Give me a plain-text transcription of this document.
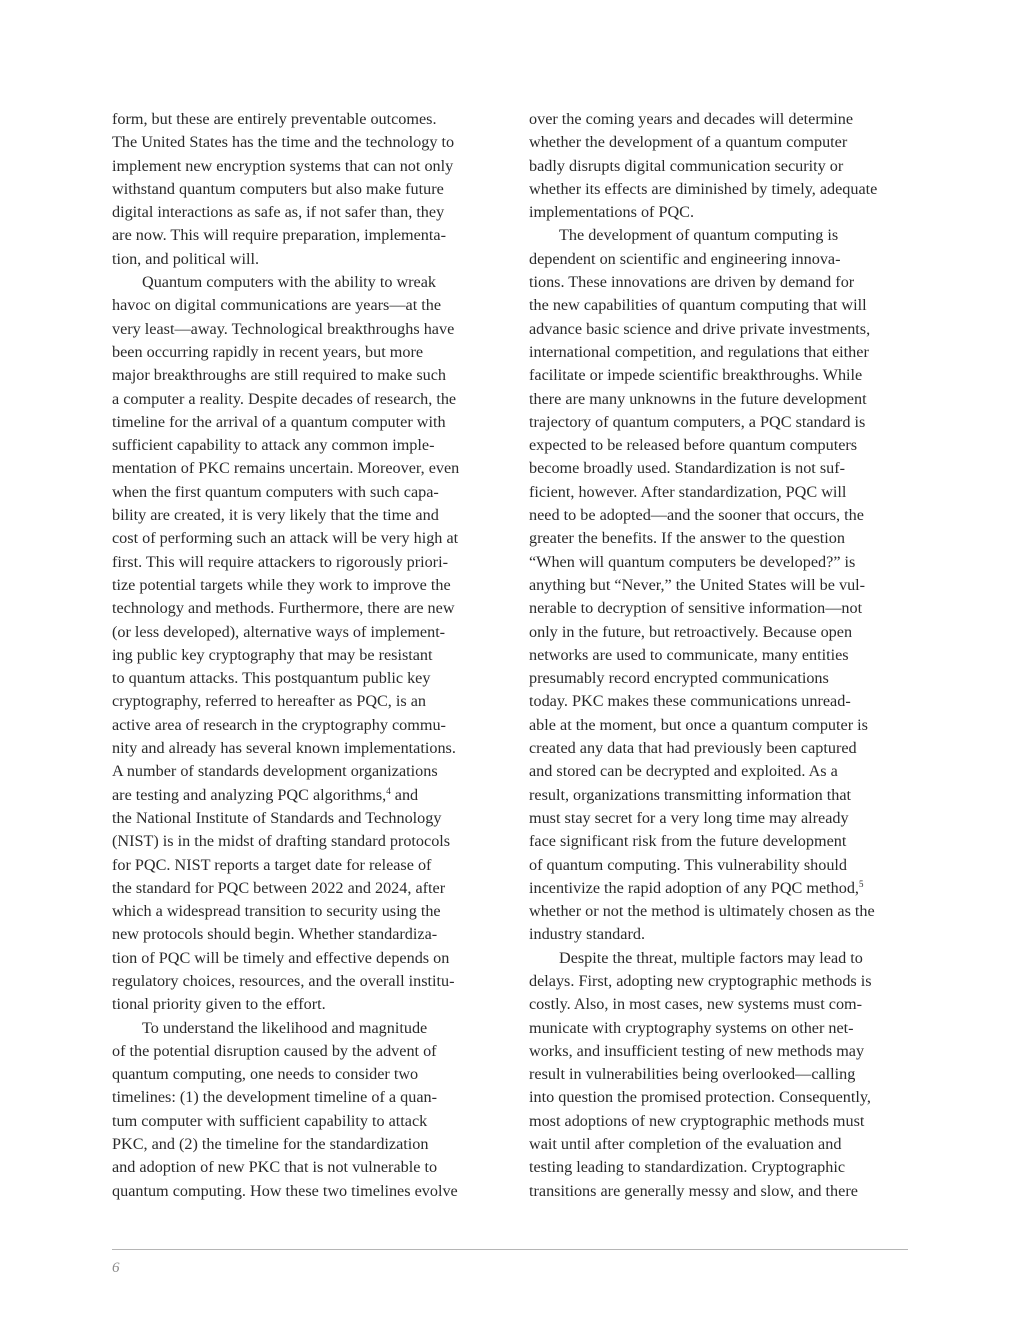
form, but these are entirely preventable outcomes.
The United States has the time and the technology to
implement new encryption systems that can not only
withstand quantum computers but also make future
digital interactions as safe as, if not safer than, they
are now. This will require preparation, implementa-
tion, and political will.
Quantum computers with the ability to wreak
havoc on digital communications are years—at the
very least—away. Technological breakthroughs have
been occurring rapidly in recent years, but more
major breakthroughs are still required to make such
a computer a reality. Despite decades of research, the
timeline for the arrival of a quantum computer with
sufficient capability to attack any common imple-
mentation of PKC remains uncertain. Moreover, even
when the first quantum computers with such capa-
bility are created, it is very likely that the time and
cost of performing such an attack will be very high at
first. This will require attackers to rigorously priori-
tize potential targets while they work to improve the
technology and methods. Furthermore, there are new
(or less developed), alternative ways of implement-
ing public key cryptography that may be resistant
to quantum attacks. This postquantum public key
cryptography, referred to hereafter as PQC, is an
active area of research in the cryptography commu-
nity and already has several known implementations.
A number of standards development organizations
are testing and analyzing PQC algorithms,$^4$ and
the National Institute of Standards and Technology
(NIST) is in the midst of drafting standard protocols
for PQC. NIST reports a target date for release of
the standard for PQC between 2022 and 2024, after
which a widespread transition to security using the
new protocols should begin. Whether standardiza-
tion of PQC will be timely and effective depends on
regulatory choices, resources, and the overall institu-
tional priority given to the effort.
To understand the likelihood and magnitude
of the potential disruption caused by the advent of
quantum computing, one needs to consider two
timelines: (1) the development timeline of a quan-
tum computer with sufficient capability to attack
PKC, and (2) the timeline for the standardization
and adoption of new PKC that is not vulnerable to
quantum computing. How these two timelines evolve
over the coming years and decades will determine
whether the development of a quantum computer
badly disrupts digital communication security or
whether its effects are diminished by timely, adequate
implementations of PQC.
The development of quantum computing is
dependent on scientific and engineering innova-
tions. These innovations are driven by demand for
the new capabilities of quantum computing that will
advance basic science and drive private investments,
international competition, and regulations that either
facilitate or impede scientific breakthroughs. While
there are many unknowns in the future development
trajectory of quantum computers, a PQC standard is
expected to be released before quantum computers
become broadly used. Standardization is not suf-
ficient, however. After standardization, PQC will
need to be adopted—and the sooner that occurs, the
greater the benefits. If the answer to the question
“When will quantum computers be developed?” is
anything but “Never,” the United States will be vul-
nerable to decryption of sensitive information—not
only in the future, but retroactively. Because open
networks are used to communicate, many entities
presumably record encrypted communications
today. PKC makes these communications unread-
able at the moment, but once a quantum computer is
created any data that had previously been captured
and stored can be decrypted and exploited. As a
result, organizations transmitting information that
must stay secret for a very long time may already
face significant risk from the future development
of quantum computing. This vulnerability should
incentivize the rapid adoption of any PQC method,$^5$
whether or not the method is ultimately chosen as the
industry standard.
Despite the threat, multiple factors may lead to
delays. First, adopting new cryptographic methods is
costly. Also, in most cases, new systems must com-
municate with cryptography systems on other net-
works, and insufficient testing of new methods may
result in vulnerabilities being overlooked—calling
into question the promised protection. Consequently,
most adoptions of new cryptographic methods must
wait until after completion of the evaluation and
testing leading to standardization. Cryptographic
transitions are generally messy and slow, and there
6
